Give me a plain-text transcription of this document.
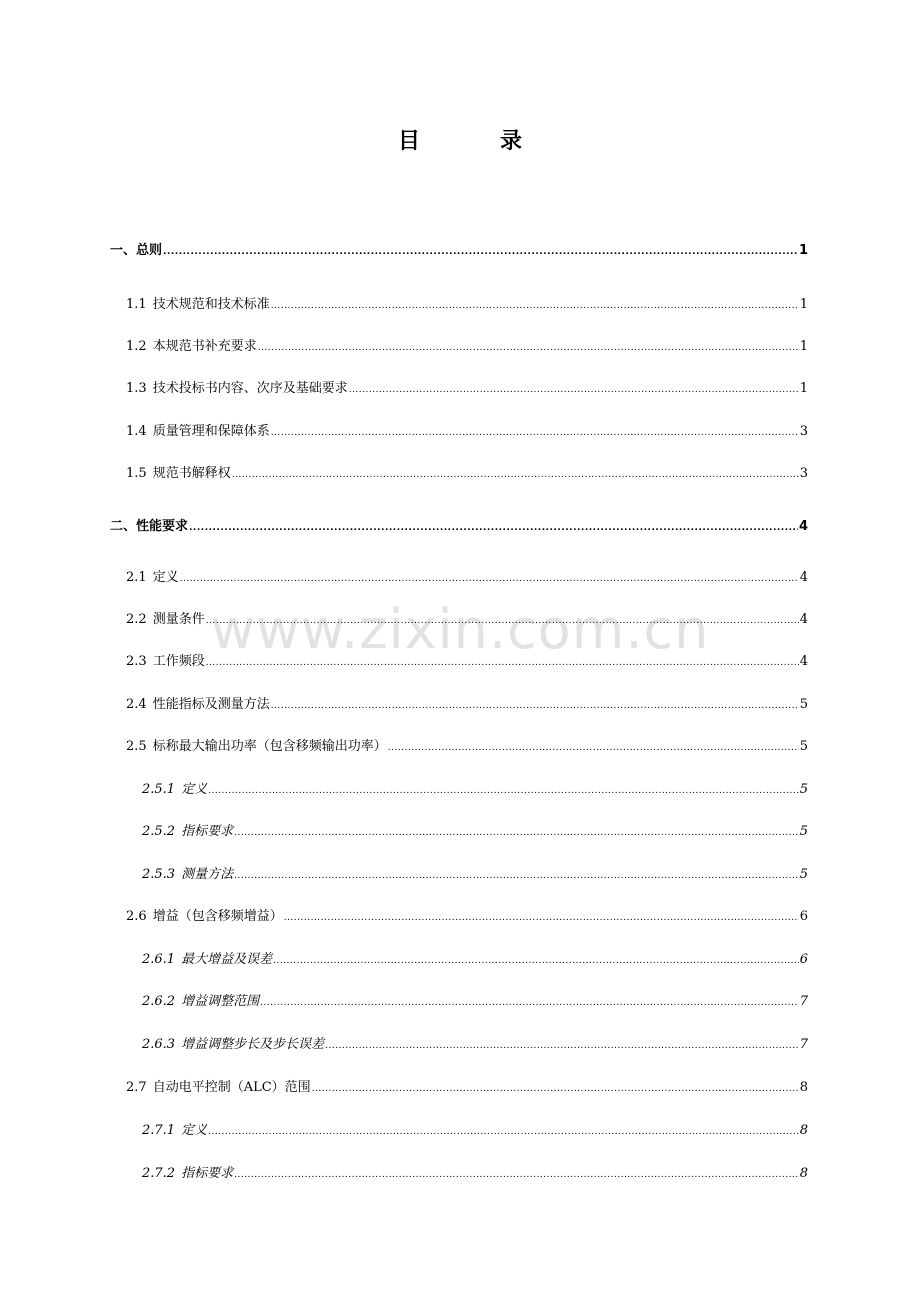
目	录
www.zixin.com.cn
一、总则 .....	1
1.1 技术规范和技术标准 .....	1
1.2 本规范书补充要求 .....	1
1.3 技术投标书内容、次序及基础要求 .....	1
1.4 质量管理和保障体系 .....	3
1.5 规范书解释权 .....	3
二、性能要求 .....	4
2.1 定义 .....	4
2.2 测量条件 .....	4
2.3 工作频段 .....	4
2.4 性能指标及测量方法 .....	5
2.5 标称最大输出功率（包含移频输出功率） .....	5
2.5.1 定义 .....	5
2.5.2 指标要求 .....	5
2.5.3 测量方法 .....	5
2.6 增益（包含移频增益） .....	6
2.6.1 最大增益及误差 .....	6
2.6.2 增益调整范围 .....	7
2.6.3 增益调整步长及步长误差 .....	7
2.7 自动电平控制（ALC）范围 .....	8
2.7.1 定义 .....	8
2.7.2 指标要求 .....	8
